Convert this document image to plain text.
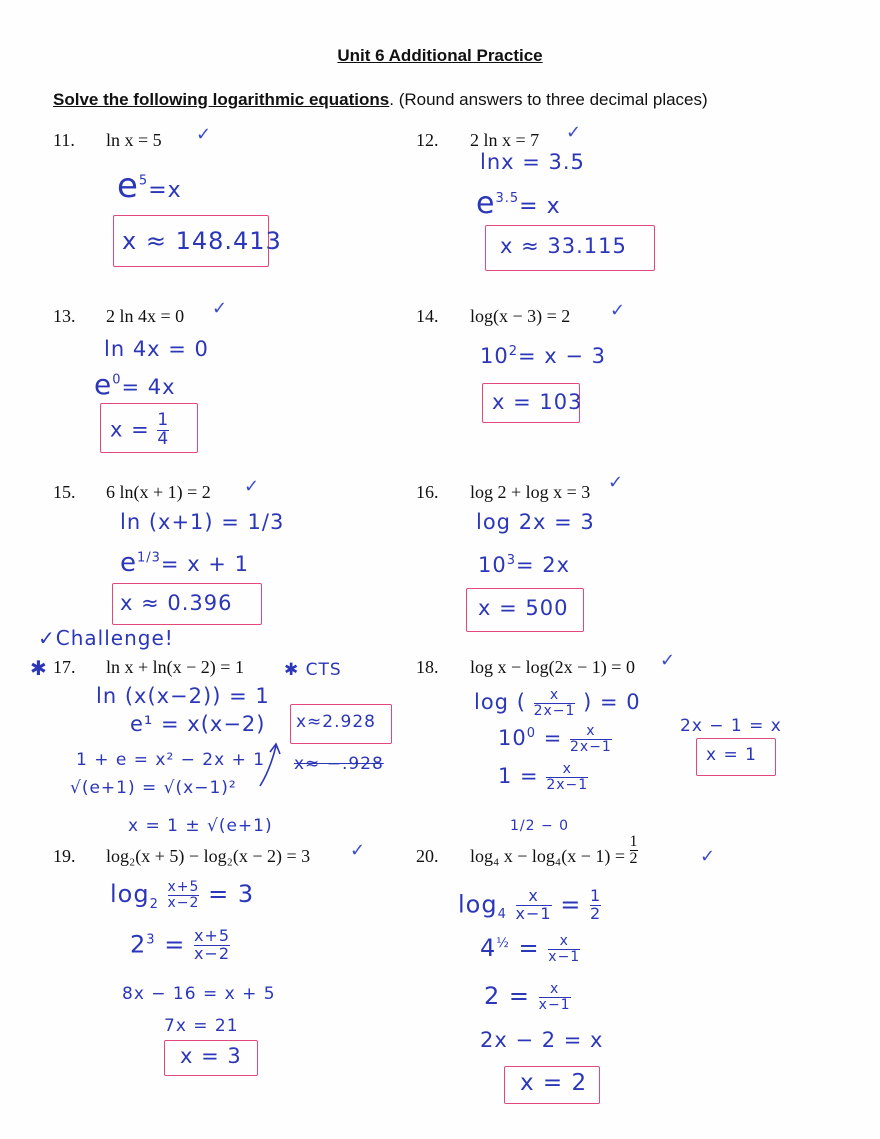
Unit 6 Additional Practice
Solve the following logarithmic equations. (Round answers to three decimal places)
11. ln x = 5 ✓
$e^5=x$
x ≈ 148.413
12. 2 ln x = 7 ✓
lnx = 3.5
$e^{3.5}= x$
x ≈ 33.115
13. 2 ln 4x = 0 ✓
ln 4x = 0
$e^0= 4x$
$x = \frac{1}{4}$
14. log(x − 3) = 2 ✓
$10^2= x - 3$
x = 103
15. 6 ln(x + 1) = 2 ✓
ln (x+1) = 1/3
$e^{1/3}= x + 1$
x ≈ 0.396
16. log 2 + log x = 3 ✓
log 2x = 3
$10^3= 2x$
x = 500
✓Challenge!
✱ 17. ln x + ln(x − 2) = 1 ✱ CTS
ln (x(x−2)) = 1
e¹ = x(x−2)
1 + e = x² − 2x + 1
√(e+1) = √(x−1)²
x = 1 ± √(e+1)
x≈2.928
x≈ −.928
18. log x − log(2x − 1) = 0 ✓
log ( $\frac{x}{2x-1}$ ) = 0
$10^0 = \frac{x}{2x-1}$
$1 = \frac{x}{2x-1}$
1/2 − 0
2x − 1 = x
x = 1
19. log₂(x + 5) − log₂(x − 2) = 3 ✓
$\log_2 \frac{x+5}{x-2} = 3$
$2^3 = \frac{x+5}{x-2}$
8x − 16 = x + 5
7x = 21
x = 3
20. log₄ $x - \log_4(x - 1) = \frac{1}{2}$	✓
$\log_4 \frac{x}{x-1} = \frac{1}{2}$
$4^{\frac{1}{2}} = \frac{x}{x-1}$
$2 = \frac{x}{x-1}$
2x − 2 = x
x = 2
